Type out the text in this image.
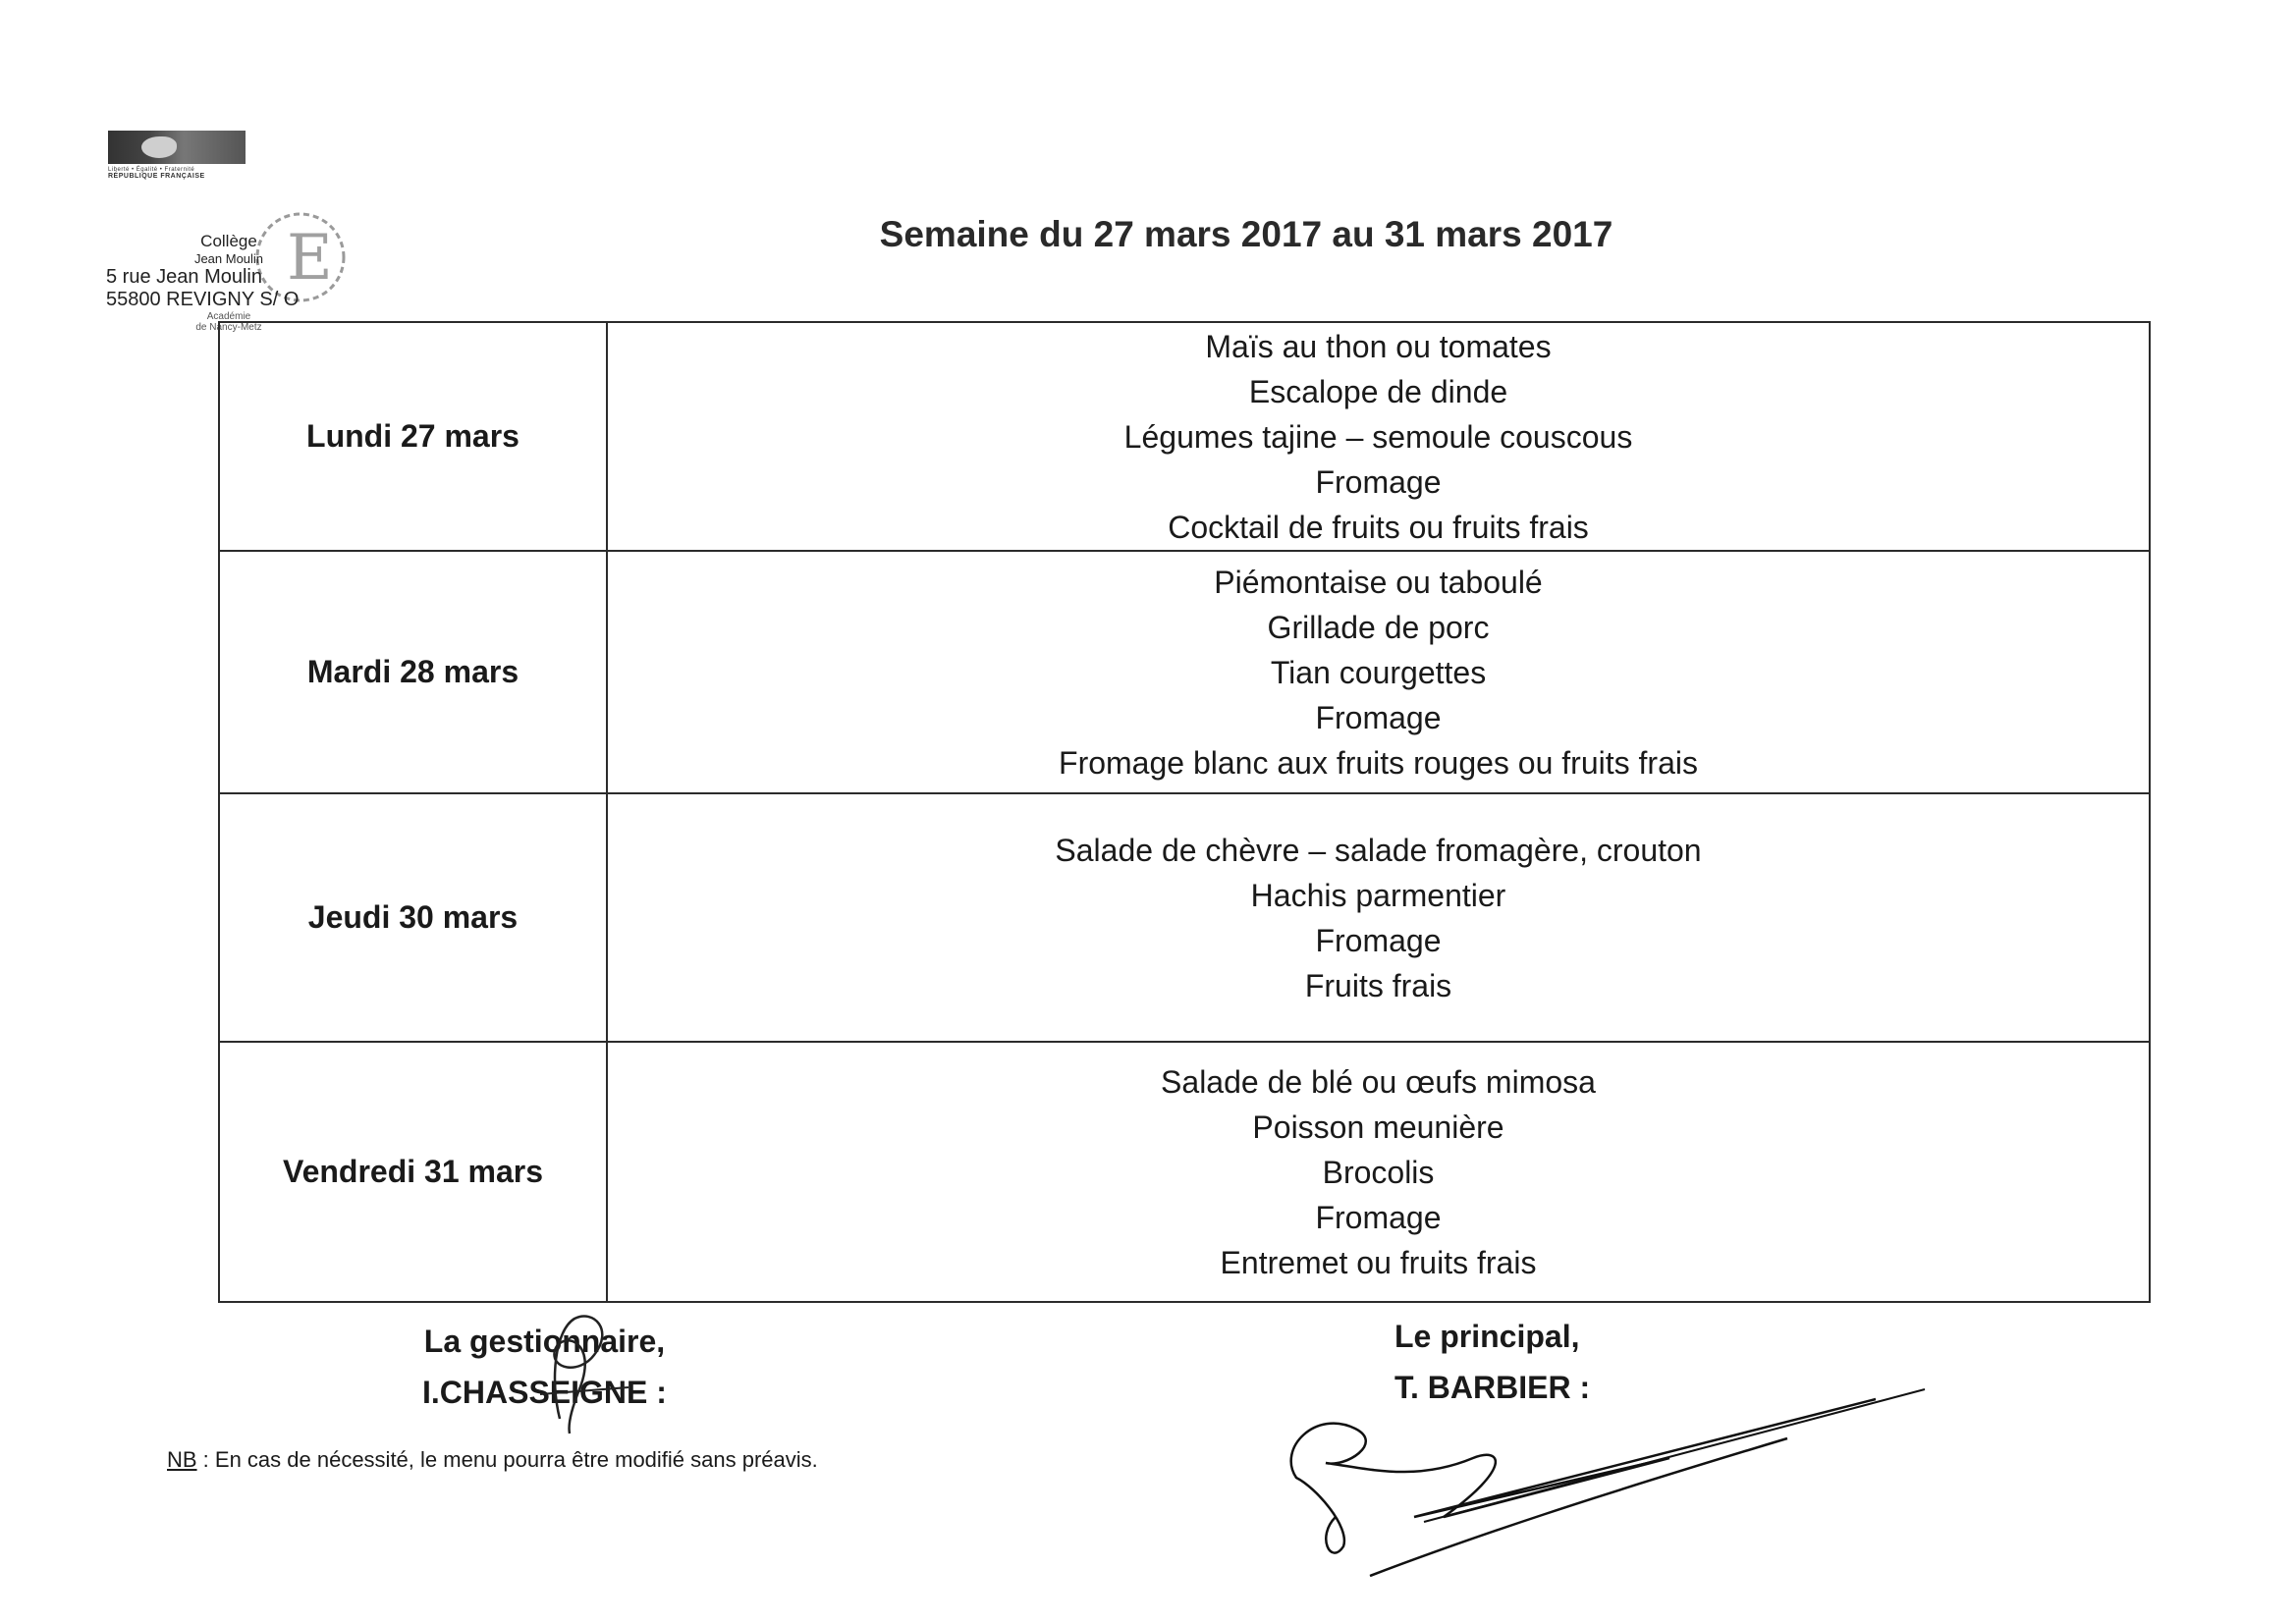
Liberté • Égalité • Fraternité
RÉPUBLIQUE FRANÇAISE
E
Collège
Jean Moulin
5 rue Jean Moulin
55800 REVIGNY S/ O
Académie
de Nancy-Metz
Semaine du 27 mars 2017 au 31 mars 2017
Lundi 27 mars	Maïs au thon ou tomates
Escalope de dinde
Légumes tajine – semoule couscous
Fromage
Cocktail de fruits ou fruits frais

Mardi 28 mars	Piémontaise ou taboulé
Grillade de porc
Tian courgettes
Fromage
Fromage blanc aux fruits rouges ou fruits frais

Jeudi 30 mars	Salade de chèvre – salade fromagère, crouton
Hachis parmentier
Fromage
Fruits frais

Vendredi 31 mars	Salade de blé ou œufs mimosa
Poisson meunière
Brocolis
Fromage
Entremet ou fruits frais
La gestionnaire,
I.CHASSEIGNE :
Le principal,
T. BARBIER :
NB : En cas de nécessité, le menu pourra être modifié sans préavis.
